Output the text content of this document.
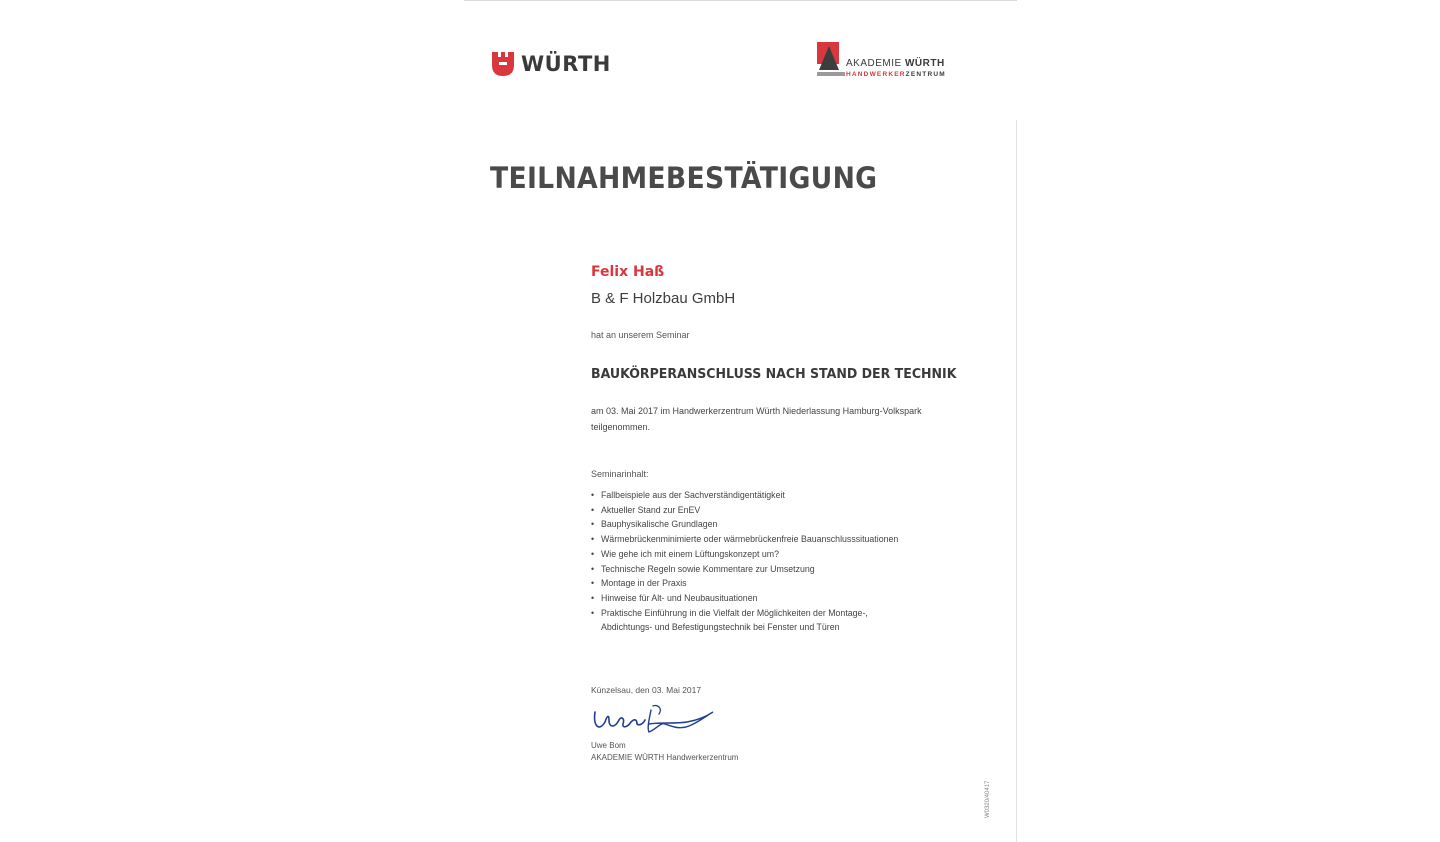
WÜRTH	AKADEMIE WÜRTH
HANDWERKERZENTRUM
TEILNAHMEBESTÄTIGUNG
Felix Haß
B & F Holzbau GmbH
hat an unserem Seminar
BAUKÖRPERANSCHLUSS NACH STAND DER TECHNIK
am 03. Mai 2017 im Handwerkerzentrum Würth Niederlassung Hamburg-Volkspark teilgenommen.
Seminarinhalt:
• Fallbeispiele aus der Sachverständigentätigkeit
• Aktueller Stand zur EnEV
• Bauphysikalische Grundlagen
• Wärmebrückenminimierte oder wärmebrückenfreie Bauanschlusssituationen
• Wie gehe ich mit einem Lüftungskonzept um?
• Technische Regeln sowie Kommentare zur Umsetzung
• Montage in der Praxis
• Hinweise für Alt- und Neubausituationen
• Praktische Einführung in die Vielfalt der Möglichkeiten der Montage-, Abdichtungs- und Befestigungstechnik bei Fenster und Türen
Künzelsau, den 03. Mai 2017
Uwe Bom
AKADEMIE WÜRTH Handwerkerzentrum
W0320/40417
